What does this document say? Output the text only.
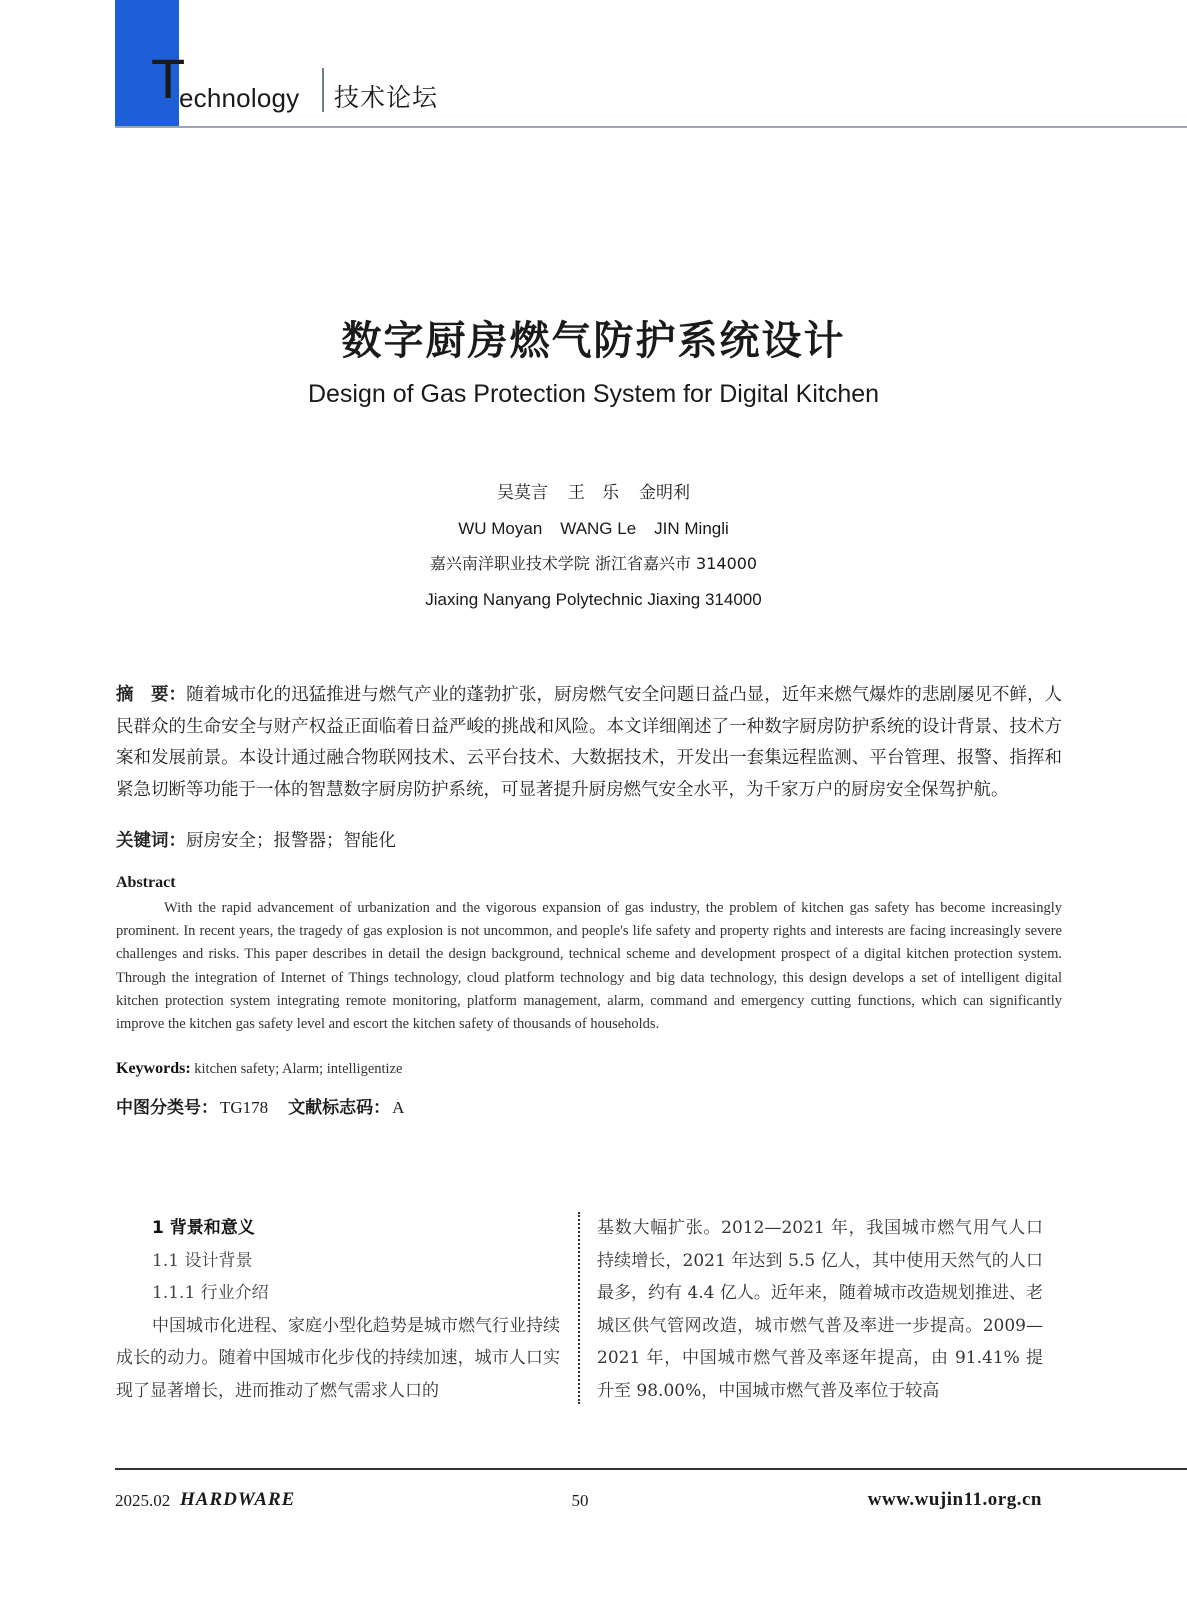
T
echnology 技术论坛
数字厨房燃气防护系统设计
Design of Gas Protection System for Digital Kitchen
吴莫言 王　乐 金明利
WU Moyan WANG Le JIN Mingli
嘉兴南洋职业技术学院 浙江省嘉兴市 314000
Jiaxing Nanyang Polytechnic Jiaxing 314000
摘　要：随着城市化的迅猛推进与燃气产业的蓬勃扩张，厨房燃气安全问题日益凸显，近年来燃气爆炸的悲剧屡见不鲜，人民群众的生命安全与财产权益正面临着日益严峻的挑战和风险。本文详细阐述了一种数字厨房防护系统的设计背景、技术方案和发展前景。本设计通过融合物联网技术、云平台技术、大数据技术，开发出一套集远程监测、平台管理、报警、指挥和紧急切断等功能于一体的智慧数字厨房防护系统，可显著提升厨房燃气安全水平，为千家万户的厨房安全保驾护航。
关键词：厨房安全；报警器；智能化
Abstract
With the rapid advancement of urbanization and the vigorous expansion of gas industry, the problem of kitchen gas safety has become increasingly prominent. In recent years, the tragedy of gas explosion is not uncommon, and people's life safety and property rights and interests are facing increasingly severe challenges and risks. This paper describes in detail the design background, technical scheme and development prospect of a digital kitchen protection system. Through the integration of Internet of Things technology, cloud platform technology and big data technology, this design develops a set of intelligent digital kitchen protection system integrating remote monitoring, platform management, alarm, command and emergency cutting functions, which can significantly improve the kitchen gas safety level and escort the kitchen safety of thousands of households.
Keywords: kitchen safety; Alarm; intelligentize
中图分类号： TG178 文献标志码： A
1 背景和意义
1.1 设计背景
1.1.1 行业介绍
中国城市化进程、家庭小型化趋势是城市燃气行业持续成长的动力。随着中国城市化步伐的持续加速，城市人口实现了显著增长，进而推动了燃气需求人口的
基数大幅扩张。2012—2021 年，我国城市燃气用气人口持续增长，2021 年达到 5.5 亿人，其中使用天然气的人口最多，约有 4.4 亿人。近年来，随着城市改造规划推进、老城区供气管网改造，城市燃气普及率进一步提高。2009—2021 年，中国城市燃气普及率逐年提高，由 91.41% 提升至 98.00%，中国城市燃气普及率位于较高
2025.02 HARDWARE	50	www.wujin11.org.cn
